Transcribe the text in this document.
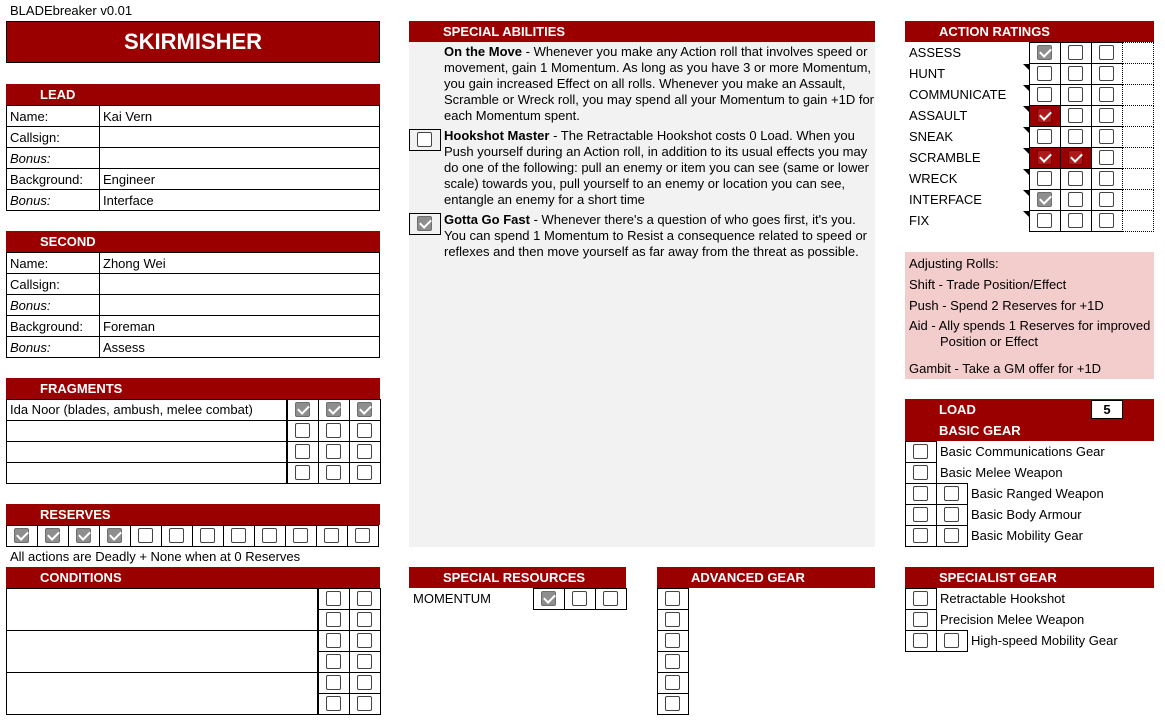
BLADEbreaker v0.01
SKIRMISHER
LEAD
Name:	Kai Vern
Callsign:	
Bonus:	
Background:	Engineer
Bonus:	Interface
SECOND
Name:	Zhong Wei
Callsign:	
Bonus:	
Background:	Foreman
Bonus:	Assess
FRAGMENTS
Ida Noor (blades, ambush, melee combat)
RESERVES
All actions are Deadly + None when at 0 Reserves
CONDITIONS
SPECIAL ABILITIES
On the Move - Whenever you make any Action roll that involves speed or movement, gain 1 Momentum. As long as you have 3 or more Momentum, you gain increased Effect on all rolls. Whenever you make an Assault, Scramble or Wreck roll, you may spend all your Momentum to gain +1D for each Momentum spent.
Hookshot Master - The Retractable Hookshot costs 0 Load. When you Push yourself during an Action roll, in addition to its usual effects you may do one of the following: pull an enemy or item you can see (same or lower scale) towards you, pull yourself to an enemy or location you can see, entangle an enemy for a short time
Gotta Go Fast - Whenever there's a question of who goes first, it's you. You can spend 1 Momentum to Resist a consequence related to speed or reflexes and then move yourself as far away from the threat as possible.
SPECIAL RESOURCES
MOMENTUM
ADVANCED GEAR
ACTION RATINGS
ASSESS
HUNT
COMMUNICATE
ASSAULT
SNEAK
SCRAMBLE
WRECK
INTERFACE
FIX
Adjusting Rolls:
Shift - Trade Position/Effect
Push - Spend 2 Reserves for +1D
Aid - Ally spends 1 Reserves for improved
Position or Effect
Gambit - Take a GM offer for +1D
LOAD	5
BASIC GEAR
Basic Communications Gear
Basic Melee Weapon
Basic Ranged Weapon
Basic Body Armour
Basic Mobility Gear
SPECIALIST GEAR
Retractable Hookshot
Precision Melee Weapon
High-speed Mobility Gear
